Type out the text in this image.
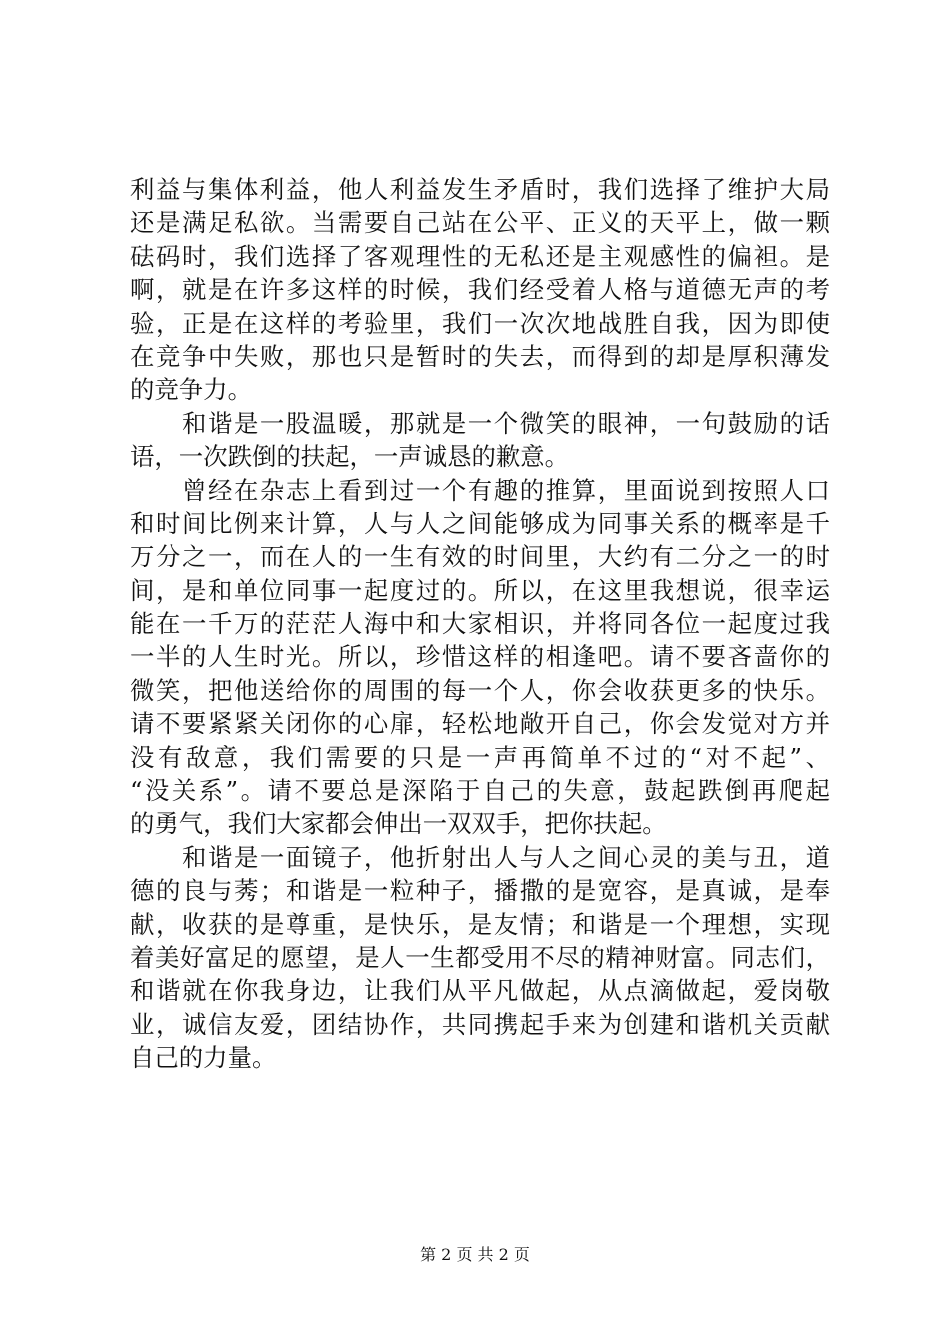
利益与集体利益，他人利益发生矛盾时，我们选择了维护大局
还是满足私欲。当需要自己站在公平、正义的天平上，做一颗
砝码时，我们选择了客观理性的无私还是主观感性的偏袒。是
啊，就是在许多这样的时候，我们经受着人格与道德无声的考
验，正是在这样的考验里，我们一次次地战胜自我，因为即使
在竞争中失败，那也只是暂时的失去，而得到的却是厚积薄发
的竞争力。
　　和谐是一股温暖，那就是一个微笑的眼神，一句鼓励的话
语，一次跌倒的扶起，一声诚恳的歉意。
　　曾经在杂志上看到过一个有趣的推算，里面说到按照人口
和时间比例来计算，人与人之间能够成为同事关系的概率是千
万分之一，而在人的一生有效的时间里，大约有二分之一的时
间，是和单位同事一起度过的。所以，在这里我想说，很幸运
能在一千万的茫茫人海中和大家相识，并将同各位一起度过我
一半的人生时光。所以，珍惜这样的相逢吧。请不要吝啬你的
微笑，把他送给你的周围的每一个人，你会收获更多的快乐。
请不要紧紧关闭你的心扉，轻松地敞开自己，你会发觉对方并
没有敌意，我们需要的只是一声再简单不过的“对不起”、
“没关系”。请不要总是深陷于自己的失意，鼓起跌倒再爬起
的勇气，我们大家都会伸出一双双手，把你扶起。
　　和谐是一面镜子，他折射出人与人之间心灵的美与丑，道
德的良与莠；和谐是一粒种子，播撒的是宽容，是真诚，是奉
献，收获的是尊重，是快乐，是友情；和谐是一个理想，实现
着美好富足的愿望，是人一生都受用不尽的精神财富。同志们，
和谐就在你我身边，让我们从平凡做起，从点滴做起，爱岗敬
业，诚信友爱，团结协作，共同携起手来为创建和谐机关贡献
自己的力量。
第 2 页 共 2 页
